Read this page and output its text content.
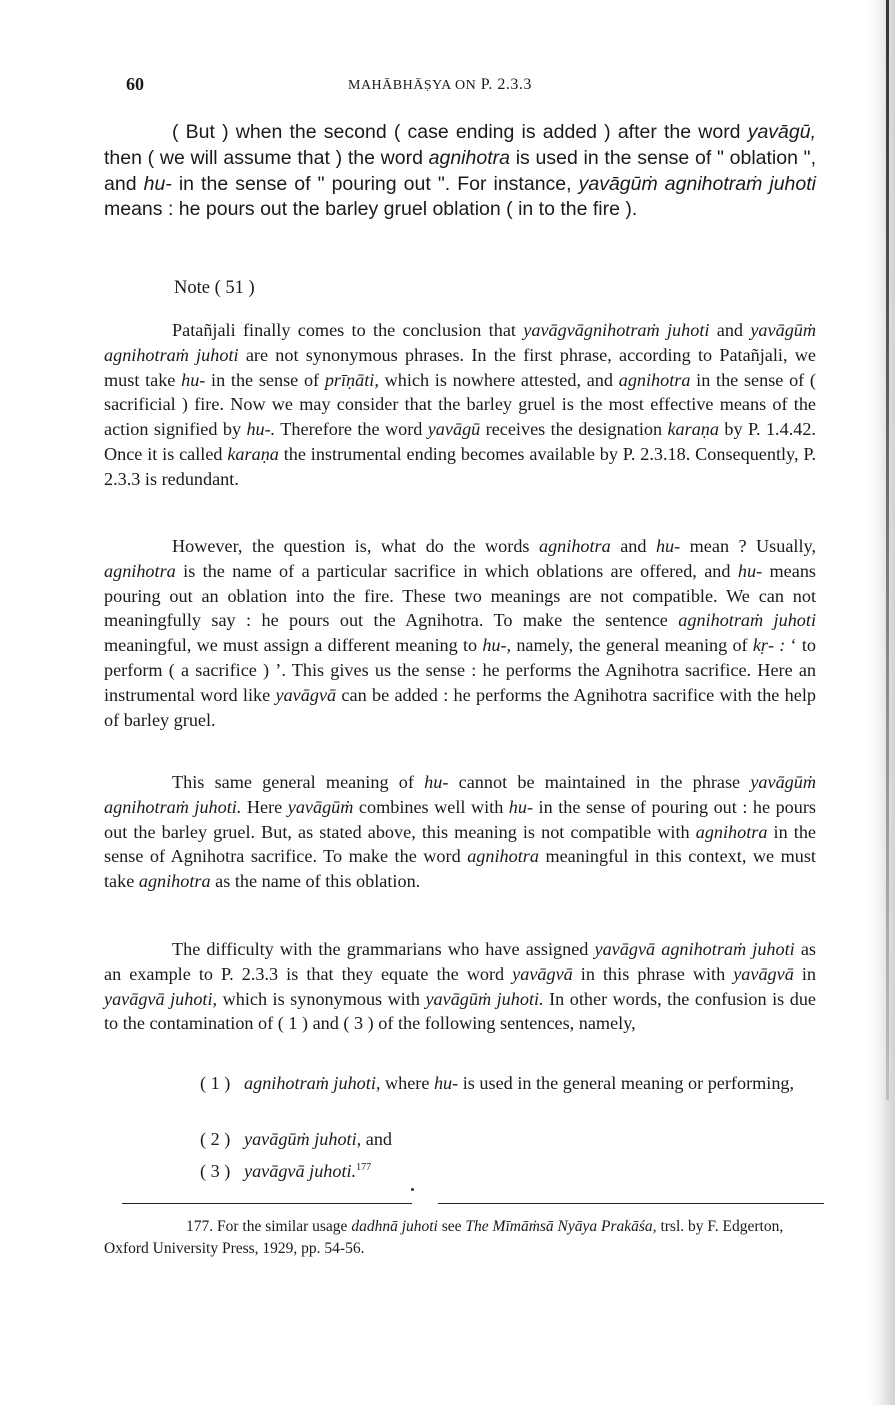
60	MAHĀBHĀṢYA ON P. 2.3.3

( But ) when the second ( case ending is added ) after the word yavāgū, then ( we will assume that ) the word agnihotra is used in the sense of " oblation ", and hu- in the sense of " pouring out ". For instance, yavāgūṁ agnihotraṁ juhoti means : he pours out the barley gruel oblation ( in to the fire ).

Note ( 51 )

Patañjali finally comes to the conclusion that yavāgvāgnihotraṁ juhoti and yavāgūṁ agnihotraṁ juhoti are not synonymous phrases. In the first phrase, according to Patañjali, we must take hu- in the sense of prīṇāti, which is nowhere attested, and agnihotra in the sense of ( sacrificial ) fire. Now we may consider that the barley gruel is the most effective means of the action signified by hu-. Therefore the word yavāgū receives the designation karaṇa by P. 1.4.42. Once it is called karaṇa the instrumental ending becomes available by P. 2.3.18. Consequently, P. 2.3.3 is redundant.

However, the question is, what do the words agnihotra and hu- mean ? Usually, agnihotra is the name of a particular sacrifice in which oblations are offered, and hu- means pouring out an oblation into the fire. These two meanings are not compatible. We can not meaningfully say : he pours out the Agnihotra. To make the sentence agnihotraṁ juhoti meaningful, we must assign a different meaning to hu-, namely, the general meaning of kṛ- : ‘ to perform ( a sacrifice ) ’. This gives us the sense : he performs the Agnihotra sacrifice. Here an instrumental word like yavāgvā can be added : he performs the Agnihotra sacrifice with the help of barley gruel.

This same general meaning of hu- cannot be maintained in the phrase yavāgūṁ agnihotraṁ juhoti. Here yavāgūṁ combines well with hu- in the sense of pouring out : he pours out the barley gruel. But, as stated above, this meaning is not compatible with agnihotra in the sense of Agnihotra sacrifice. To make the word agnihotra meaningful in this context, we must take agnihotra as the name of this oblation.

The difficulty with the grammarians who have assigned yavāgvā agnihotraṁ juhoti as an example to P. 2.3.3 is that they equate the word yavāgvā in this phrase with yavāgvā in yavāgvā juhoti, which is synonymous with yavāgūṁ juhoti. In other words, the confusion is due to the contamination of ( 1 ) and ( 3 ) of the following sentences, namely,

( 1 ) agnihotraṁ juhoti, where hu- is used in the general meaning or performing,
( 2 ) yavāgūṁ juhoti, and
( 3 ) yavāgvā juhoti.$^{177}$
177. For the similar usage dadhnā juhoti see The Mīmāṁsā Nyāya Prakāśa, trsl. by F. Edgerton, Oxford University Press, 1929, pp. 54-56.
